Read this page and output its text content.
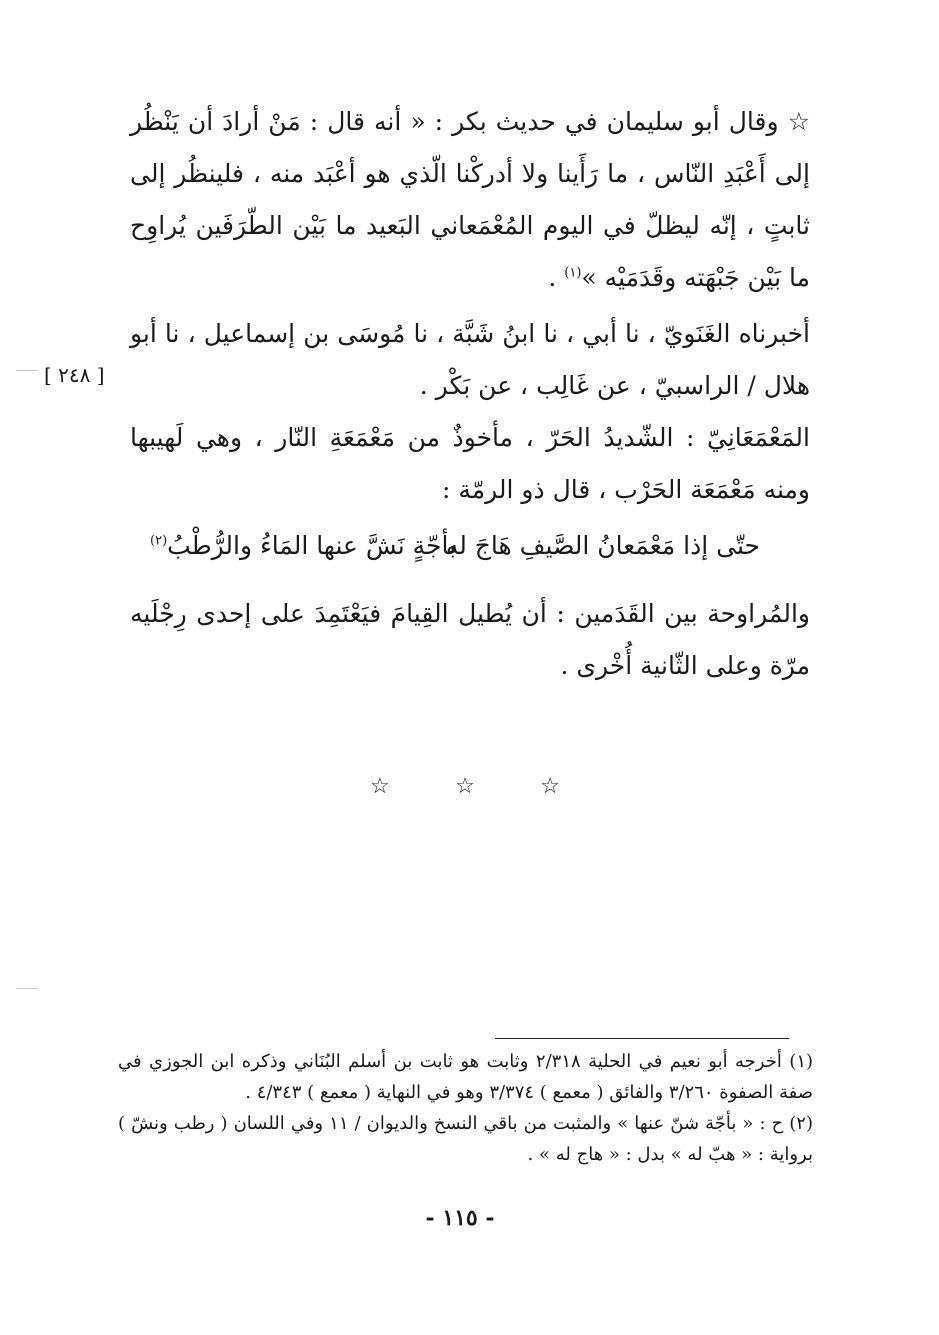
☆ وقال أبو سليمان في حديث بكر : « أنه قال : مَنْ أرادَ أن يَنْظُر إلى أَعْبَدِ النّاس ، ما رَأَينا ولا أدركْنا الّذي هو أعْبَد منه ، فلينظُر إلى ثابتٍ ، إنّه ليظلّ في اليوم المُعْمَعاني البَعيد ما بَيْن الطّرَفَين يُراوِح ما بَيْن جَبْهَته وقَدَمَيْه »$^{(١)}$ .
[ ٢٤٨ ]
أخبرناه الغَنَويّ ، نا أبي ، نا ابنُ شَبَّة ، نا مُوسَى بن إسماعيل ، نا أبو هلال / الراسبيّ ، عن غَالِب ، عن بَكْر .
المَعْمَعَانِيّ : الشّديدُ الحَرّ ، مأخوذٌ من مَعْمَعَةِ النّار ، وهي لَهيبها ومنه مَعْمَعَة الحَرْب ، قال ذو الرمّة :
حتّى إذا مَعْمَعانُ الصَّيفِ هَاجَ له
بأجّةٍ نَشَّ عنها المَاءُ والرُّطْبُ$^{(٢)}$
والمُراوحة بين القَدَمين : أن يُطيل القِيامَ فيَعْتَمِدَ على إحدى رِجْلَيه مرّة وعلى الثّانية أُخْرى .
☆	☆	☆

(١) أخرجه أبو نعيم في الحلية ٢/٣١٨ وثابت هو ثابت بن أسلم البُنَاني وذكره ابن الجوزي في صفة الصفوة ٣/٢٦٠ والفائق ( معمع ) ٣/٣٧٤ وهو في النهاية ( معمع ) ٤/٣٤٣ .

(٢) ح : « بأجّة شنّ عنها » والمثبت من باقي النسخ والديوان / ١١ وفي اللسان ( رطب ونشّ ) برواية : « هبّ له » بدل : « هاج له » .

- ١١٥ -
